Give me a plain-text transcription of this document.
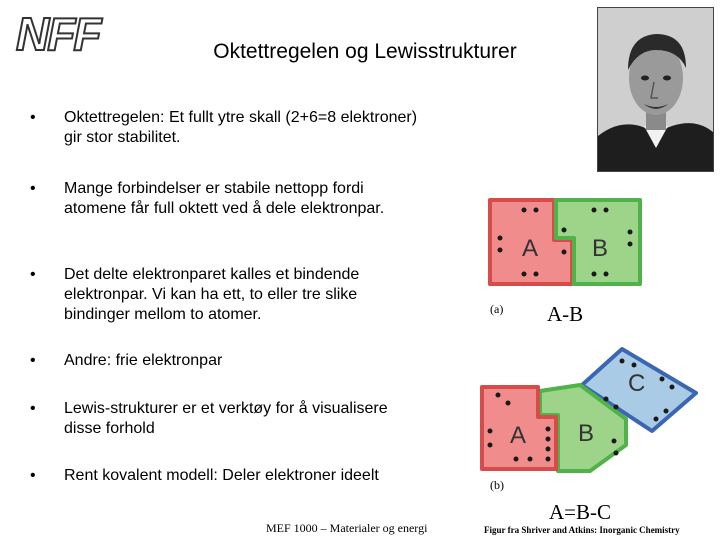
NFF	Oktettregelen og Lewisstrukturer
•	Oktettregelen: Et fullt ytre skall (2+6=8 elektroner) gir stor stabilitet.
•	Mange forbindelser er stabile nettopp fordi atomene får full oktett ved å dele elektronpar.
•	Det delte elektronparet kalles et bindende elektronpar. Vi kan ha ett, to eller tre slike bindinger mellom to atomer.
•	Andre: frie elektronpar
•	Lewis-strukturer er et verktøy for å visualisere disse forhold
•	Rent kovalent modell: Deler elektroner ideelt
A B
(a) A-B
A B
C
(b)
A=B-C
MEF 1000 – Materialer og energi	Figur fra Shriver and Atkins: Inorganic Chemistry
